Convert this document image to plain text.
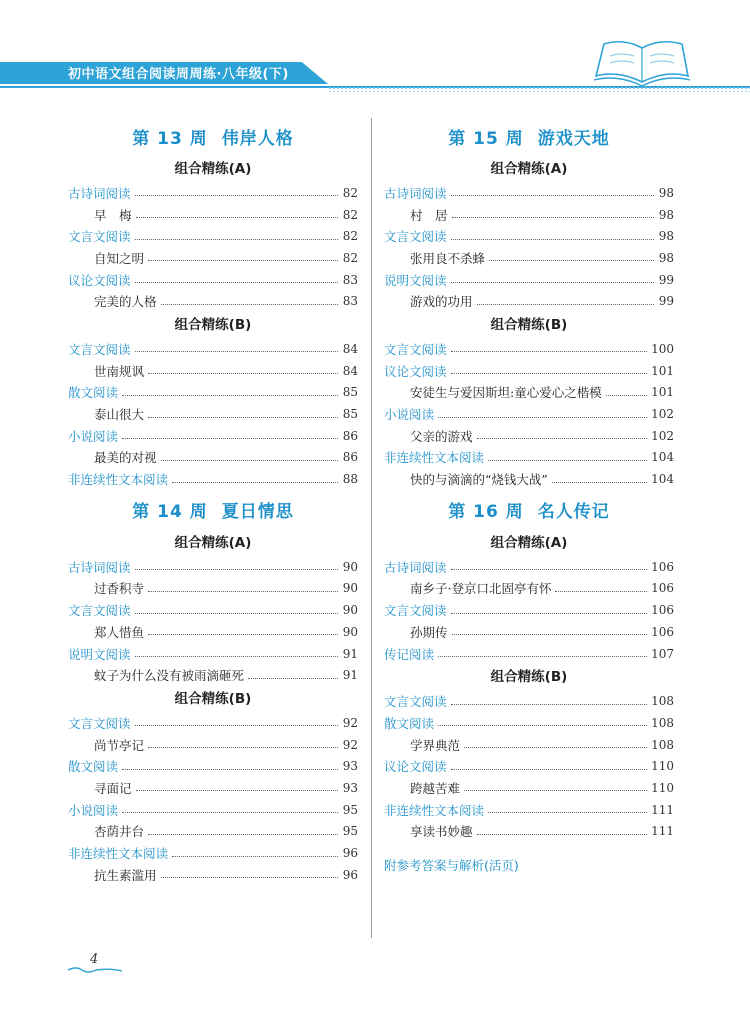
初中语文组合阅读周周练·八年级(下)
第 13 周 伟岸人格
组合精练(A)
古诗词阅读	82
早　梅	82
文言文阅读	82
自知之明	82
议论文阅读	83
完美的人格	83
组合精练(B)
文言文阅读	84
世南规讽	84
散文阅读	85
泰山很大	85
小说阅读	86
最美的对视	86
非连续性文本阅读	88
第 14 周 夏日情思
组合精练(A)
古诗词阅读	90
过香积寺	90
文言文阅读	90
郑人惜鱼	90
说明文阅读	91
蚊子为什么没有被雨滴砸死	91
组合精练(B)
文言文阅读	92
尚节亭记	92
散文阅读	93
寻面记	93
小说阅读	95
杏荫井台	95
非连续性文本阅读	96
抗生素滥用	96
第 15 周 游戏天地
组合精练(A)
古诗词阅读	98
村　居	98
文言文阅读	98
张用良不杀蜂	98
说明文阅读	99
游戏的功用	99
组合精练(B)
文言文阅读	100
议论文阅读	101
安徒生与爱因斯坦:童心爱心之楷模	101
小说阅读	102
父亲的游戏	102
非连续性文本阅读	104
快的与滴滴的“烧钱大战”	104
第 16 周 名人传记
组合精练(A)
古诗词阅读	106
南乡子·登京口北固亭有怀	106
文言文阅读	106
孙期传	106
传记阅读	107
组合精练(B)
文言文阅读	108
散文阅读	108
学界典范	108
议论文阅读	110
跨越苦难	110
非连续性文本阅读	111
享读书妙趣	111
附参考答案与解析(活页)
4
